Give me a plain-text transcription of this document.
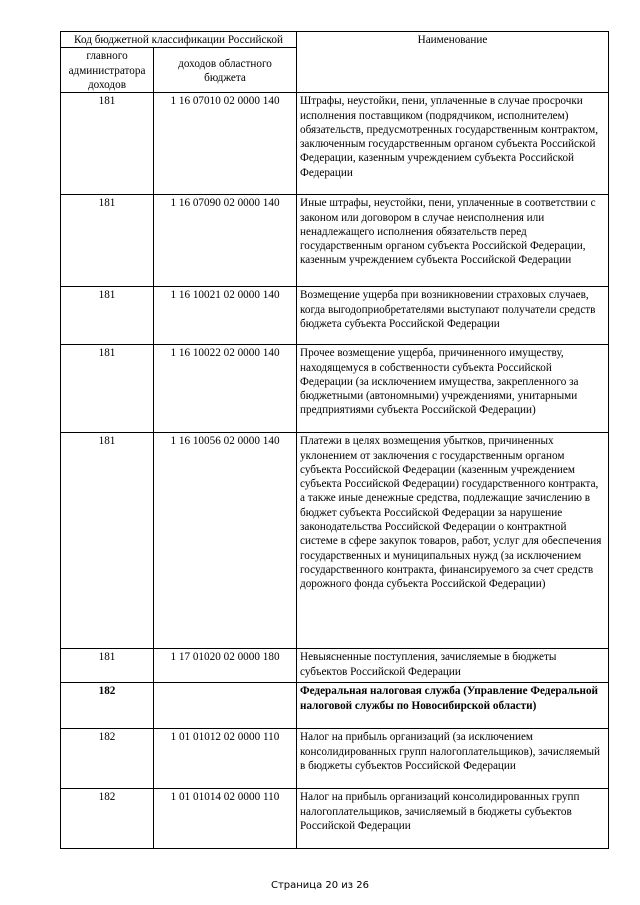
Код бюджетной классификации Российской		Наименование
главного администратора доходов	доходов областного бюджета	
181	1 16 07010 02 0000 140	Штрафы, неустойки, пени, уплаченные в случае просрочки исполнения поставщиком (подрядчиком, исполнителем) обязательств, предусмотренных государственным контрактом, заключенным государственным органом субъекта Российской Федерации, казенным учреждением субъекта Российской Федерации
181	1 16 07090 02 0000 140	Иные штрафы, неустойки, пени, уплаченные в соответствии с законом или договором в случае неисполнения или ненадлежащего исполнения обязательств перед государственным органом субъекта Российской Федерации, казенным учреждением субъекта Российской Федерации
181	1 16 10021 02 0000 140	Возмещение ущерба при возникновении страховых случаев, когда выгодоприобретателями выступают получатели средств бюджета субъекта Российской Федерации
181	1 16 10022 02 0000 140	Прочее возмещение ущерба, причиненного имуществу, находящемуся в собственности субъекта Российской Федерации (за исключением имущества, закрепленного за бюджетными (автономными) учреждениями, унитарными предприятиями субъекта Российской Федерации)
181	1 16 10056 02 0000 140	Платежи в целях возмещения убытков, причиненных уклонением от заключения с государственным органом субъекта Российской Федерации (казенным учреждением субъекта Российской Федерации) государственного контракта, а также иные денежные средства, подлежащие зачислению в бюджет субъекта Российской Федерации за нарушение законодательства Российской Федерации о контрактной системе в сфере закупок товаров, работ, услуг для обеспечения государственных и муниципальных нужд (за исключением государственного контракта, финансируемого за счет средств дорожного фонда субъекта Российской Федерации)
181	1 17 01020 02 0000 180	Невыясненные поступления, зачисляемые в бюджеты субъектов Российской Федерации
182		Федеральная налоговая служба (Управление Федеральной налоговой службы по Новосибирской области)
182	1 01 01012 02 0000 110	Налог на прибыль организаций (за исключением консолидированных групп налогоплательщиков), зачисляемый в бюджеты субъектов Российской Федерации
182	1 01 01014 02 0000 110	Налог на прибыль организаций консолидированных групп налогоплательщиков, зачисляемый в бюджеты субъектов Российской Федерации
Страница 20 из 26
